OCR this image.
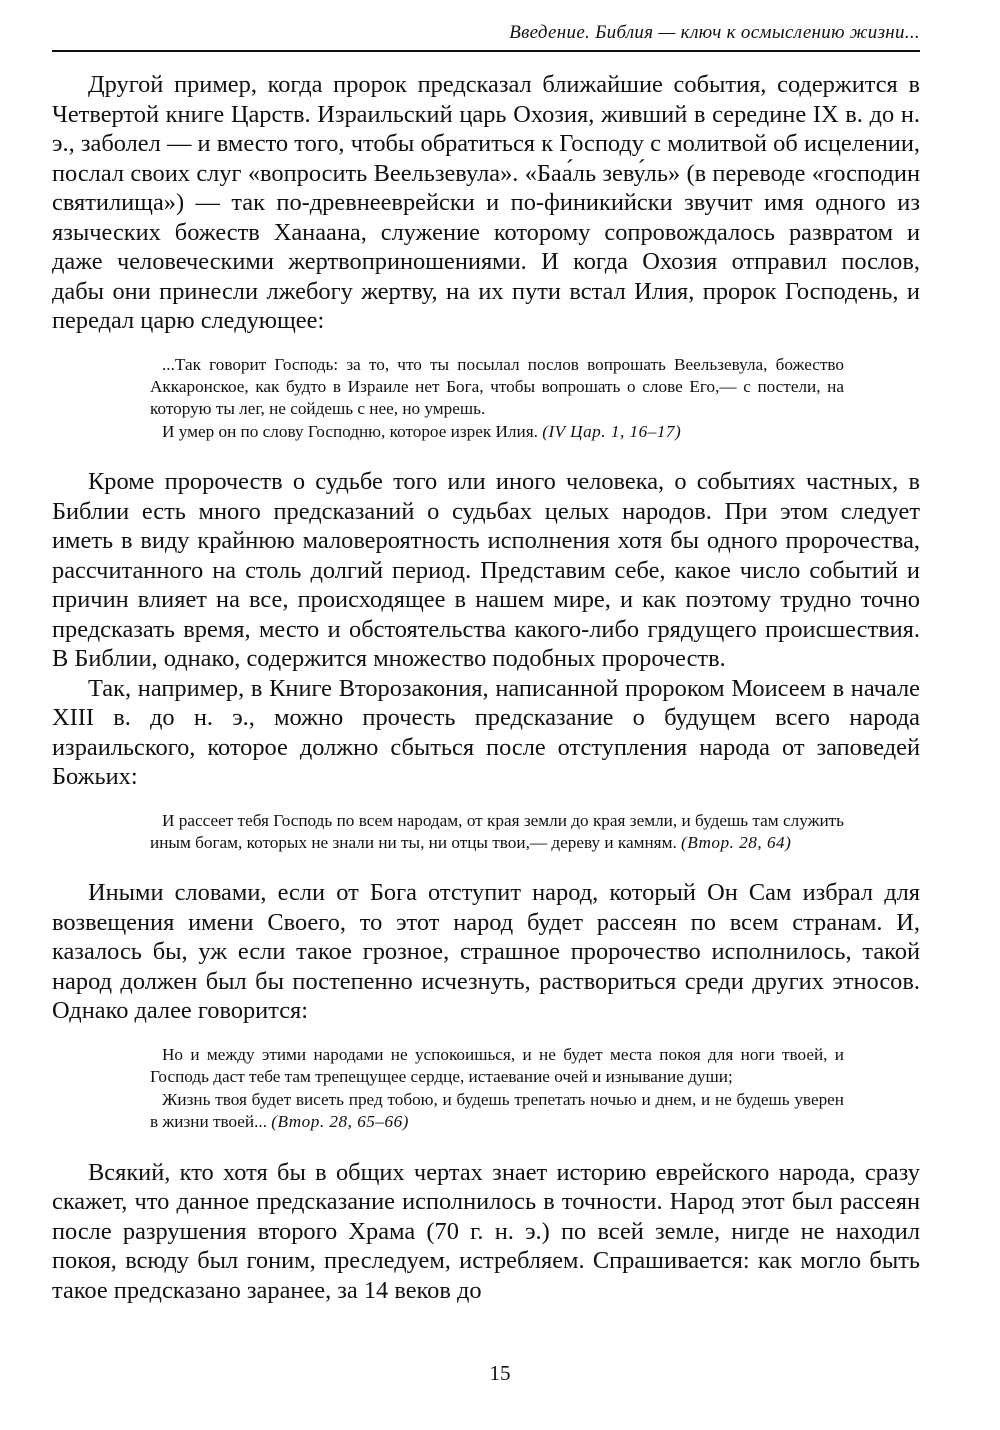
Введение. Библия — ключ к осмыслению жизни...

Другой пример, когда пророк предсказал ближайшие события, содержится в Четвертой книге Царств. Израильский царь Охозия, живший в середине IX в. до н. э., заболел — и вместо того, чтобы обратиться к Господу с молитвой об исцелении, послал своих слуг «вопросить Веельзевула». «Баа́ль зеву́ль» (в переводе «господин святилища») — так по-древнееврейски и по-финикийски звучит имя одного из языческих божеств Ханаана, служение которому сопровождалось развратом и даже человеческими жертвоприношениями. И когда Охозия отправил послов, дабы они принесли лжебогу жертву, на их пути встал Илия, пророк Господень, и передал царю следующее:

...Так говорит Господь: за то, что ты посылал послов вопрошать Веельзевула, божество Аккаронское, как будто в Израиле нет Бога, чтобы вопрошать о слове Его,— с постели, на которую ты лег, не сойдешь с нее, но умрешь.

И умер он по слову Господню, которое изрек Илия. (IV Цар. 1, 16–17)

Кроме пророчеств о судьбе того или иного человека, о событиях частных, в Библии есть много предсказаний о судьбах целых народов. При этом следует иметь в виду крайнюю маловероятность исполнения хотя бы одного пророчества, рассчитанного на столь долгий период. Представим себе, какое число событий и причин влияет на все, происходящее в нашем мире, и как поэтому трудно точно предсказать время, место и обстоятельства какого-либо грядущего происшествия. В Библии, однако, содержится множество подобных пророчеств.

Так, например, в Книге Второзакония, написанной пророком Моисеем в начале XIII в. до н. э., можно прочесть предсказание о будущем всего народа израильского, которое должно сбыться после отступления народа от заповедей Божьих:

И рассеет тебя Господь по всем народам, от края земли до края земли, и будешь там служить иным богам, которых не знали ни ты, ни отцы твои,— дереву и камням. (Втор. 28, 64)

Иными словами, если от Бога отступит народ, который Он Сам избрал для возвещения имени Своего, то этот народ будет рассеян по всем странам. И, казалось бы, уж если такое грозное, страшное пророчество исполнилось, такой народ должен был бы постепенно исчезнуть, раствориться среди других этносов. Однако далее говорится:

Но и между этими народами не успокоишься, и не будет места покоя для ноги твоей, и Господь даст тебе там трепещущее сердце, истаевание очей и изнывание души;

Жизнь твоя будет висеть пред тобою, и будешь трепетать ночью и днем, и не будешь уверен в жизни твоей... (Втор. 28, 65–66)

Всякий, кто хотя бы в общих чертах знает историю еврейского народа, сразу скажет, что данное предсказание исполнилось в точности. Народ этот был рассеян после разрушения второго Храма (70 г. н. э.) по всей земле, нигде не находил покоя, всюду был гоним, преследуем, истребляем. Спрашивается: как могло быть такое предсказано заранее, за 14 веков до

15
